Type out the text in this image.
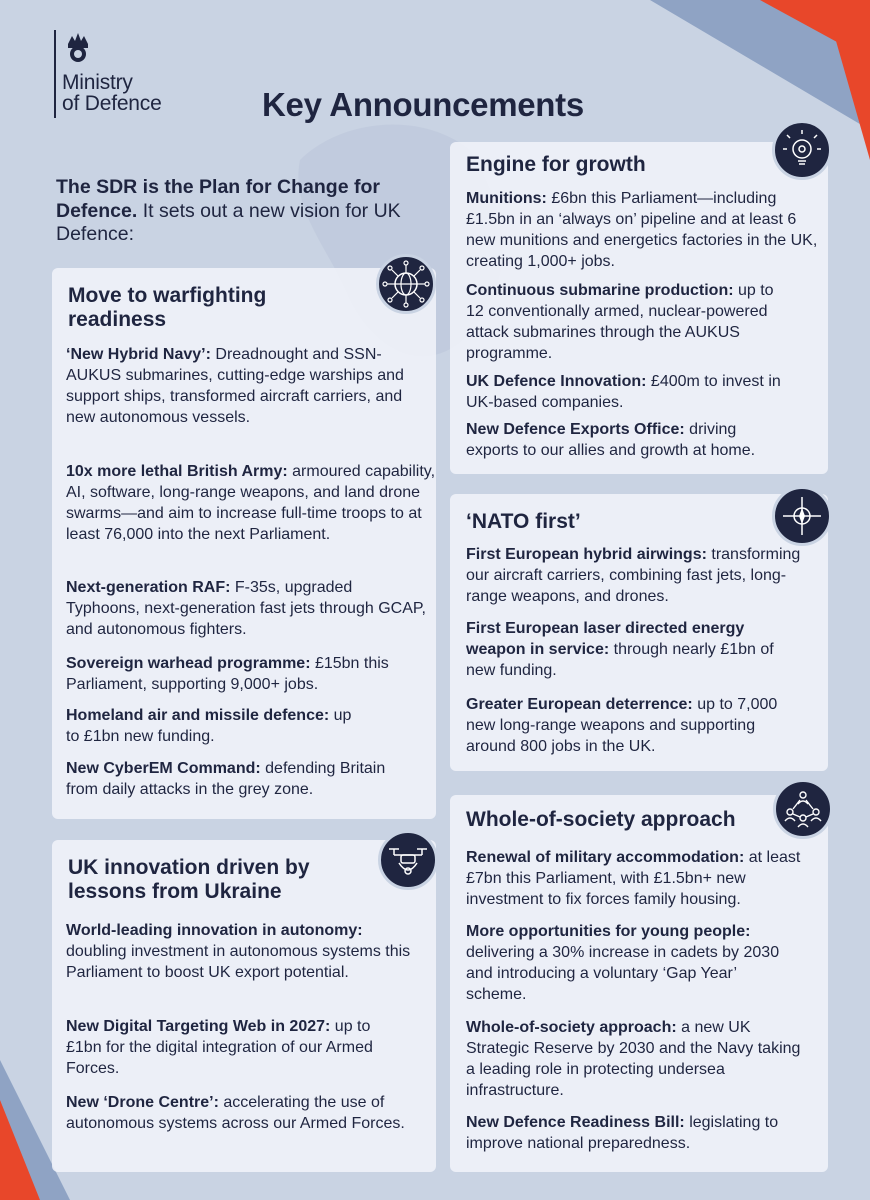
Ministry
of Defence	Key Announcements
The SDR is the Plan for Change for Defence. It sets out a new vision for UK Defence:
Move to warfighting readiness
‘New Hybrid Navy’: Dreadnought and SSN-AUKUS submarines, cutting-edge warships and support ships, transformed aircraft carriers, and new autonomous vessels.
10x more lethal British Army: armoured capability, AI, software, long-range weapons, and land drone swarms—and aim to increase full-time troops to at least 76,000 into the next Parliament.
Next-generation RAF: F-35s, upgraded Typhoons, next-generation fast jets through GCAP, and autonomous fighters.
Sovereign warhead programme: £15bn this Parliament, supporting 9,000+ jobs.
Homeland air and missile defence: up to £1bn new funding.
New CyberEM Command: defending Britain from daily attacks in the grey zone.
UK innovation driven by lessons from Ukraine
World-leading innovation in autonomy: doubling investment in autonomous systems this Parliament to boost UK export potential.
New Digital Targeting Web in 2027: up to £1bn for the digital integration of our Armed Forces.
New ‘Drone Centre’: accelerating the use of autonomous systems across our Armed Forces.
Engine for growth
Munitions: £6bn this Parliament—including £1.5bn in an ‘always on’ pipeline and at least 6 new munitions and energetics factories in the UK, creating 1,000+ jobs.
Continuous submarine production: up to 12 conventionally armed, nuclear-powered attack submarines through the AUKUS programme.
UK Defence Innovation: £400m to invest in UK-based companies.
New Defence Exports Office: driving exports to our allies and growth at home.
‘NATO first’
First European hybrid airwings: transforming our aircraft carriers, combining fast jets, long-range weapons, and drones.
First European laser directed energy weapon in service: through nearly £1bn of new funding.
Greater European deterrence: up to 7,000 new long-range weapons and supporting around 800 jobs in the UK.
Whole-of-society approach
Renewal of military accommodation: at least £7bn this Parliament, with £1.5bn+ new investment to fix forces family housing.
More opportunities for young people: delivering a 30% increase in cadets by 2030 and introducing a voluntary ‘Gap Year’ scheme.
Whole-of-society approach: a new UK Strategic Reserve by 2030 and the Navy taking a leading role in protecting undersea infrastructure.
New Defence Readiness Bill: legislating to improve national preparedness.
